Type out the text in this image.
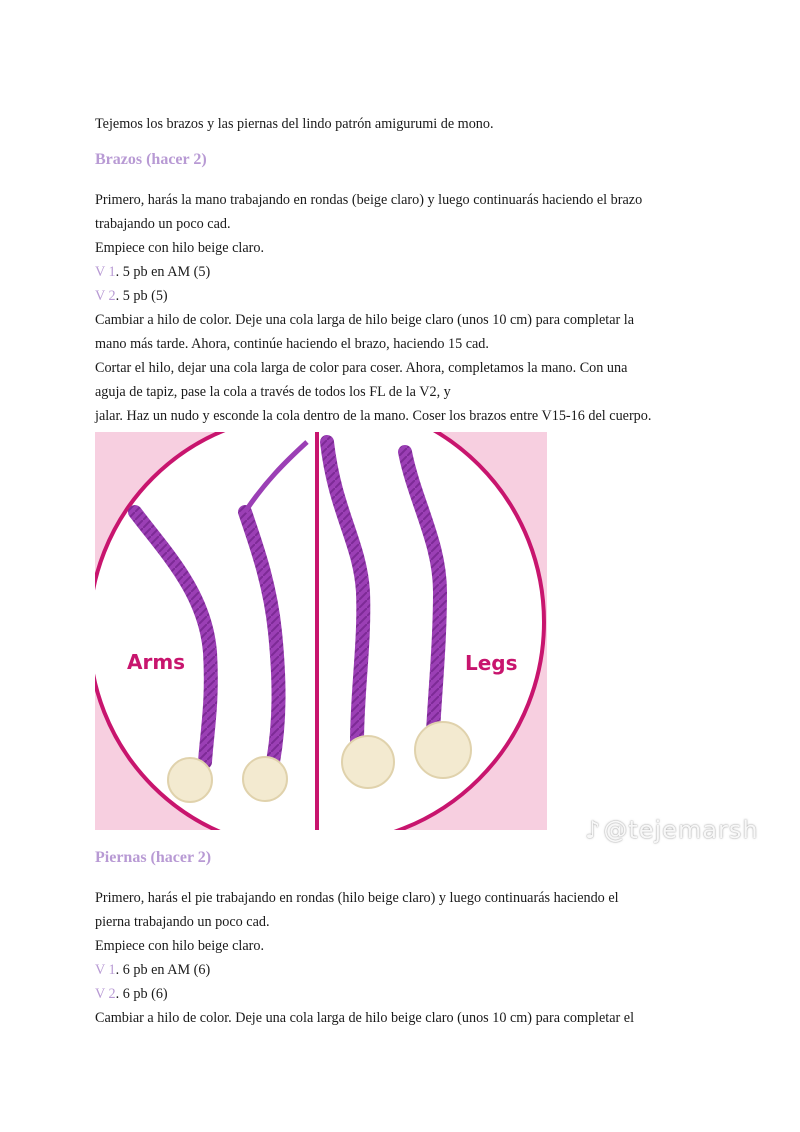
Tejemos los brazos y las piernas del lindo patrón amigurumi de mono.

Brazos (hacer 2)

Primero, harás la mano trabajando en rondas (beige claro) y luego continuarás haciendo el brazo

trabajando un poco cad.

Empiece con hilo beige claro.

V 1. 5 pb en AM (5)

V 2. 5 pb (5)

Cambiar a hilo de color. Deje una cola larga de hilo beige claro (unos 10 cm) para completar la

mano más tarde. Ahora, continúe haciendo el brazo, haciendo 15 cad.

Cortar el hilo, dejar una cola larga de color para coser. Ahora, completamos la mano. Con una

aguja de tapiz, pase la cola a través de todos los FL de la V2, y

jalar. Haz un nudo y esconde la cola dentro de la mano. Coser los brazos entre V15-16 del cuerpo.

Arms	Legs
♪@tejemarsh

Piernas (hacer 2)

Primero, harás el pie trabajando en rondas (hilo beige claro) y luego continuarás haciendo el

pierna trabajando un poco cad.

Empiece con hilo beige claro.

V 1. 6 pb en AM (6)

V 2. 6 pb (6)

Cambiar a hilo de color. Deje una cola larga de hilo beige claro (unos 10 cm) para completar el
